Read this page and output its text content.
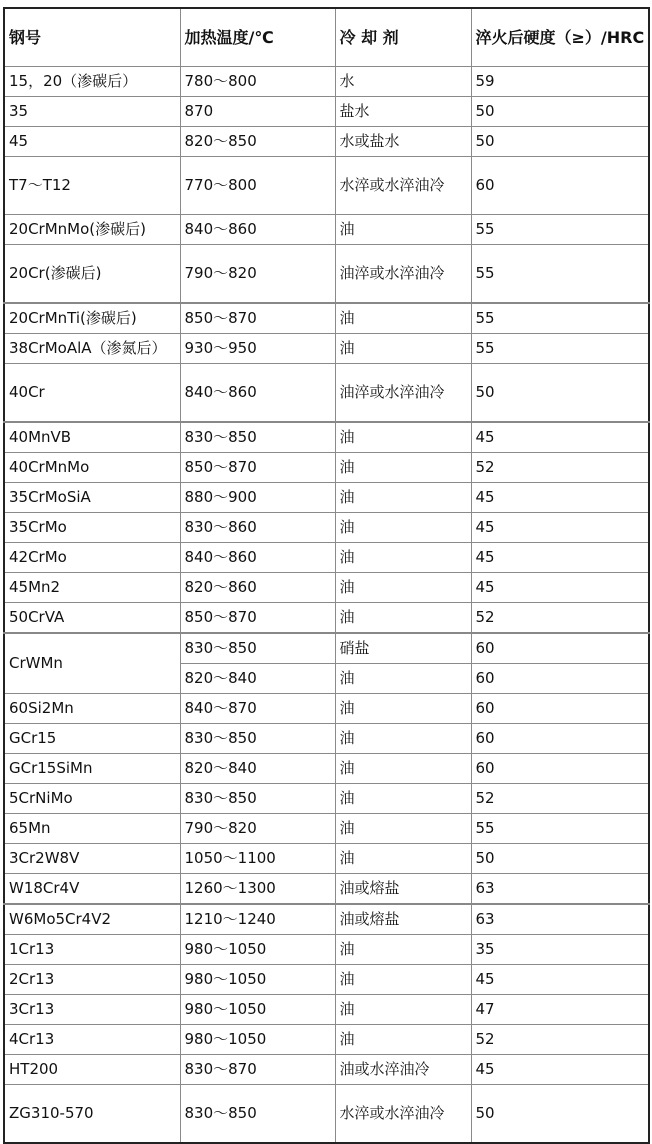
钢号	加热温度/℃	冷 却 剂	淬火后硬度（≥）/HRC
15，20（渗碳后）	780～800	水	59
35	870	盐水	50
45	820～850	水或盐水	50
T7～T12	770～800	水淬或水淬油冷	60
20CrMnMo(渗碳后)	840～860	油	55
20Cr(渗碳后)	790～820	油淬或水淬油冷	55
20CrMnTi(渗碳后)	850～870	油	55
38CrMoAlA（渗氮后）	930～950	油	55
40Cr	840～860	油淬或水淬油冷	50
40MnVB	830～850	油	45
40CrMnMo	850～870	油	52
35CrMoSiA	880～900	油	45
35CrMo	830～860	油	45
42CrMo	840～860	油	45
45Mn2	820～860	油	45
50CrVA	850～870	油	52
CrWMn	830～850	硝盐	60
	820～840	油	60
60Si2Mn	840～870	油	60
GCr15	830～850	油	60
GCr15SiMn	820～840	油	60
5CrNiMo	830～850	油	52
65Mn	790～820	油	55
3Cr2W8V	1050～1100	油	50
W18Cr4V	1260～1300	油或熔盐	63
W6Mo5Cr4V2	1210～1240	油或熔盐	63
1Cr13	980～1050	油	35
2Cr13	980～1050	油	45
3Cr13	980～1050	油	47
4Cr13	980～1050	油	52
HT200	830～870	油或水淬油冷	45
ZG310-570	830～850	水淬或水淬油冷	50
